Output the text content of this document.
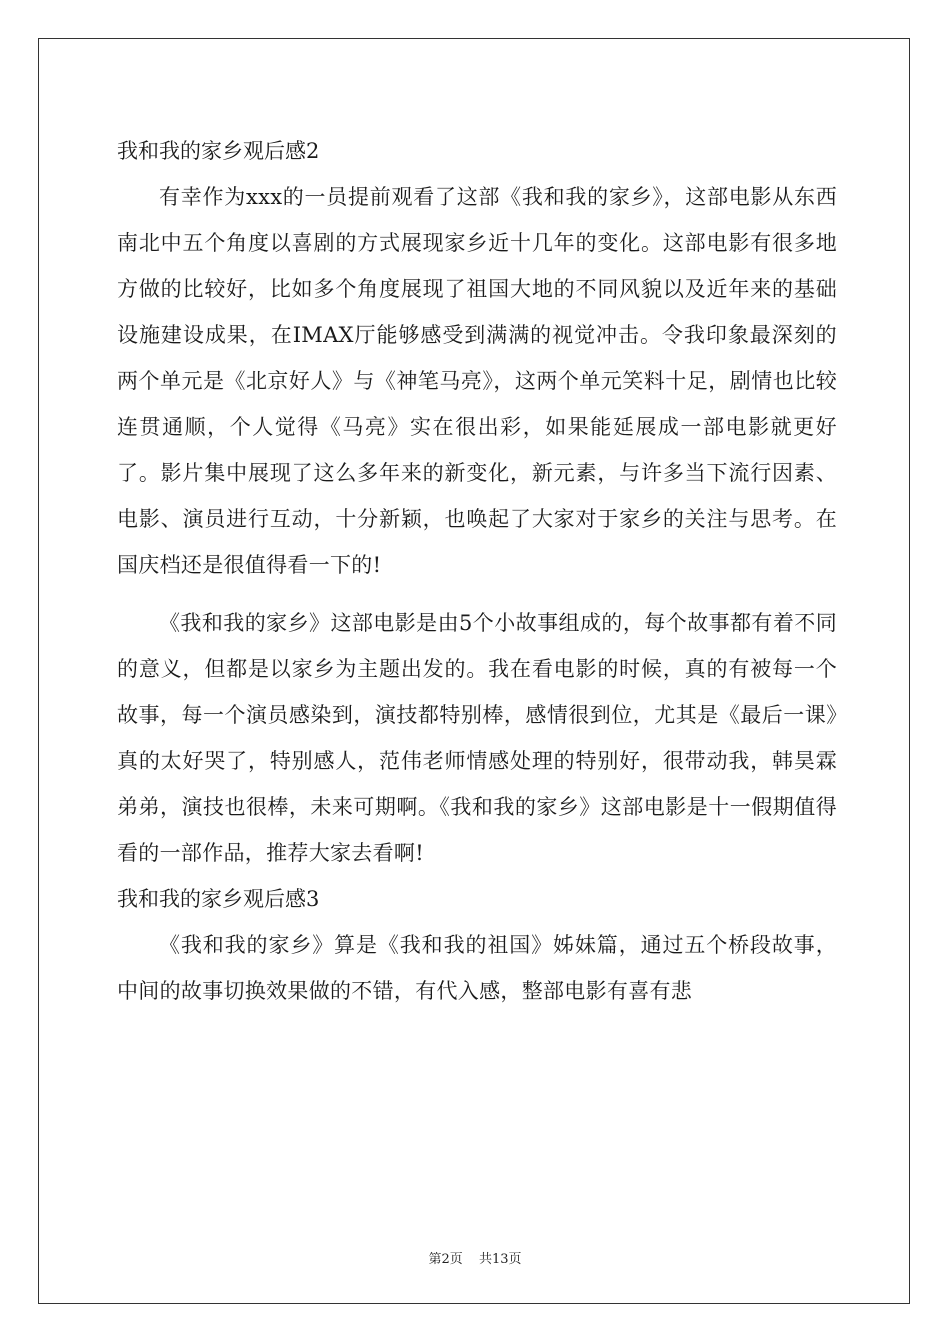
我和我的家乡观后感2

有幸作为xxx的一员提前观看了这部《我和我的家乡》，这部电影从东西南北中五个角度以喜剧的方式展现家乡近十几年的变化。这部电影有很多地方做的比较好，比如多个角度展现了祖国大地的不同风貌以及近年来的基础设施建设成果，在IMAX厅能够感受到满满的视觉冲击。令我印象最深刻的两个单元是《北京好人》与《神笔马亮》，这两个单元笑料十足，剧情也比较连贯通顺，个人觉得《马亮》实在很出彩，如果能延展成一部电影就更好了。影片集中展现了这么多年来的新变化，新元素，与许多当下流行因素、电影、演员进行互动，十分新颖，也唤起了大家对于家乡的关注与思考。在国庆档还是很值得看一下的!

《我和我的家乡》这部电影是由5个小故事组成的，每个故事都有着不同的意义，但都是以家乡为主题出发的。我在看电影的时候，真的有被每一个故事，每一个演员感染到，演技都特别棒，感情很到位，尤其是《最后一课》真的太好哭了，特别感人，范伟老师情感处理的特别好，很带动我，韩昊霖弟弟，演技也很棒，未来可期啊。《我和我的家乡》这部电影是十一假期值得看的一部作品，推荐大家去看啊!

我和我的家乡观后感3

《我和我的家乡》算是《我和我的祖国》姊妹篇，通过五个桥段故事，中间的故事切换效果做的不错，有代入感，整部电影有喜有悲

第2页 共13页
